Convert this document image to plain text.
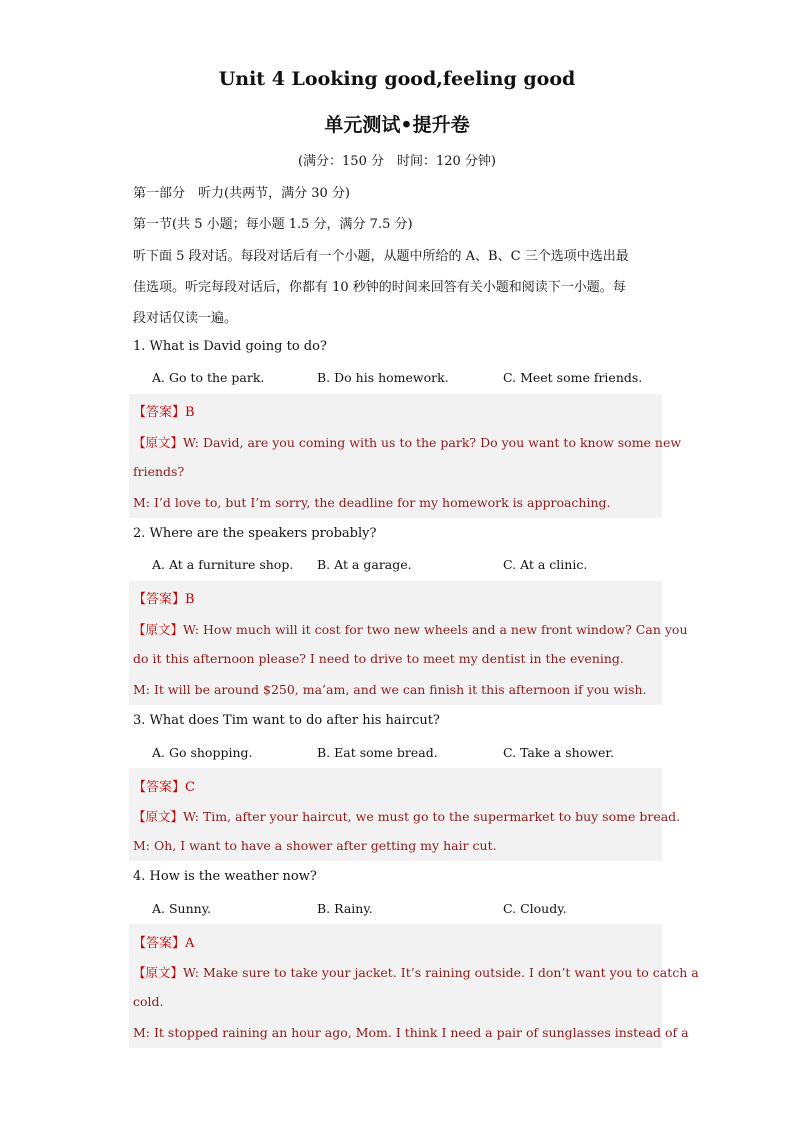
Unit 4 Looking good,feeling good
单元测试•提升卷
(满分：150 分　时间：120 分钟)
第一部分　听力(共两节，满分 30 分)
第一节(共 5 小题；每小题 1.5 分，满分 7.5 分)
听下面 5 段对话。每段对话后有一个小题，从题中所给的 A、B、C 三个选项中选出最
佳选项。听完每段对话后，你都有 10 秒钟的时间来回答有关小题和阅读下一小题。每
段对话仅读一遍。
1. What is David going to do?
A. Go to the park.	B. Do his homework.	C. Meet some friends.
【答案】B
【原文】W: David, are you coming with us to the park? Do you want to know some new
friends?
M: I’d love to, but I’m sorry, the deadline for my homework is approaching.
2. Where are the speakers probably?
A. At a furniture shop. B. At a garage.	C. At a clinic.
【答案】B
【原文】W: How much will it cost for two new wheels and a new front window? Can you
do it this afternoon please? I need to drive to meet my dentist in the evening.
M: It will be around $250, ma’am, and we can finish it this afternoon if you wish.
3. What does Tim want to do after his haircut?
A. Go shopping.	B. Eat some bread.	C. Take a shower.
【答案】C
【原文】W: Tim, after your haircut, we must go to the supermarket to buy some bread.
M: Oh, I want to have a shower after getting my hair cut.
4. How is the weather now?
A. Sunny.	B. Rainy.	C. Cloudy.
【答案】A
【原文】W: Make sure to take your jacket. It’s raining outside. I don’t want you to catch a
cold.
M: It stopped raining an hour ago, Mom. I think I need a pair of sunglasses instead of a
